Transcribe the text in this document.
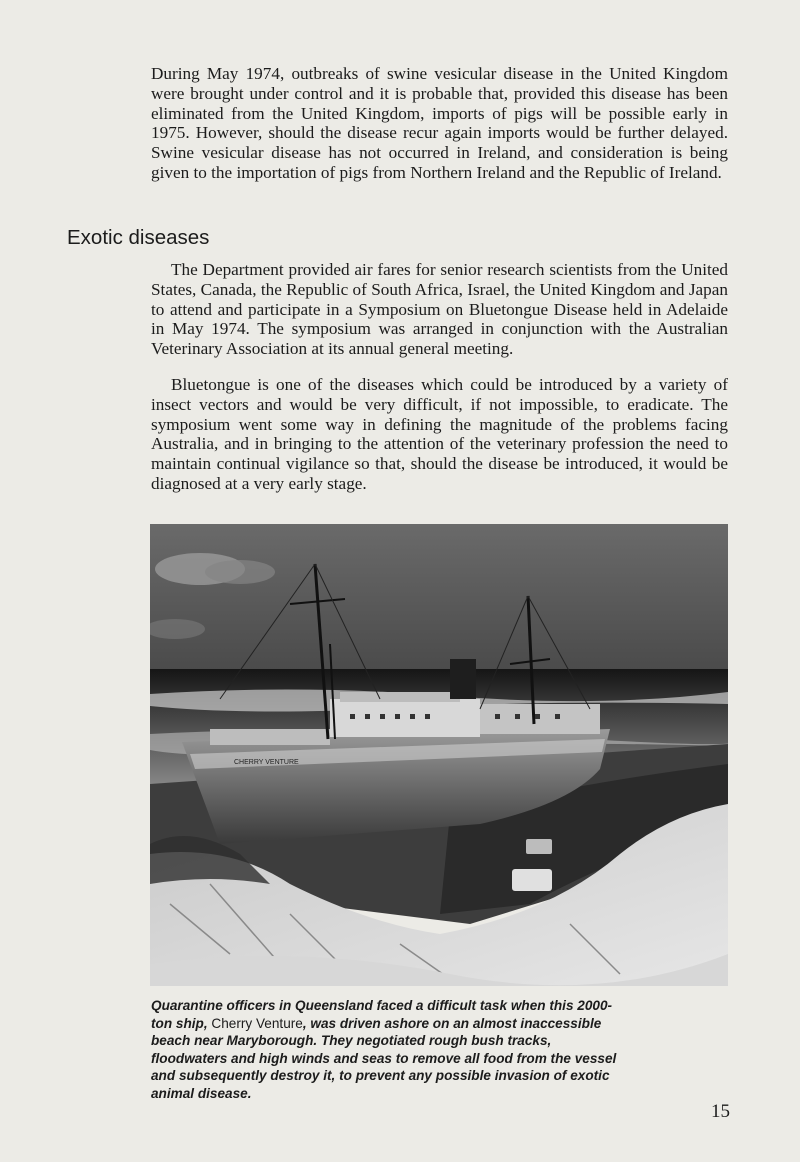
During May 1974, outbreaks of swine vesicular disease in the United Kingdom were brought under control and it is probable that, provided this disease has been eliminated from the United Kingdom, imports of pigs will be possible early in 1975. However, should the disease recur again imports would be further delayed. Swine vesicular disease has not occurred in Ireland, and consideration is being given to the importation of pigs from Northern Ireland and the Republic of Ireland.

Exotic diseases

The Department provided air fares for senior research scientists from the United States, Canada, the Republic of South Africa, Israel, the United Kingdom and Japan to attend and participate in a Symposium on Bluetongue Disease held in Adelaide in May 1974. The symposium was arranged in conjunction with the Australian Veterinary Association at its annual general meeting.

Bluetongue is one of the diseases which could be introduced by a variety of insect vectors and would be very difficult, if not impossible, to eradicate. The symposium went some way in defining the magnitude of the problems facing Australia, and in bringing to the attention of the veterinary profession the need to maintain continual vigilance so that, should the disease be introduced, it would be diagnosed at a very early stage.

CHERRY VENTURE

Quarantine officers in Queensland faced a difficult task when this 2000-ton ship, Cherry Venture, was driven ashore on an almost inaccessible beach near Maryborough. They negotiated rough bush tracks, floodwaters and high winds and seas to remove all food from the vessel and subsequently destroy it, to prevent any possible invasion of exotic animal disease.

15
